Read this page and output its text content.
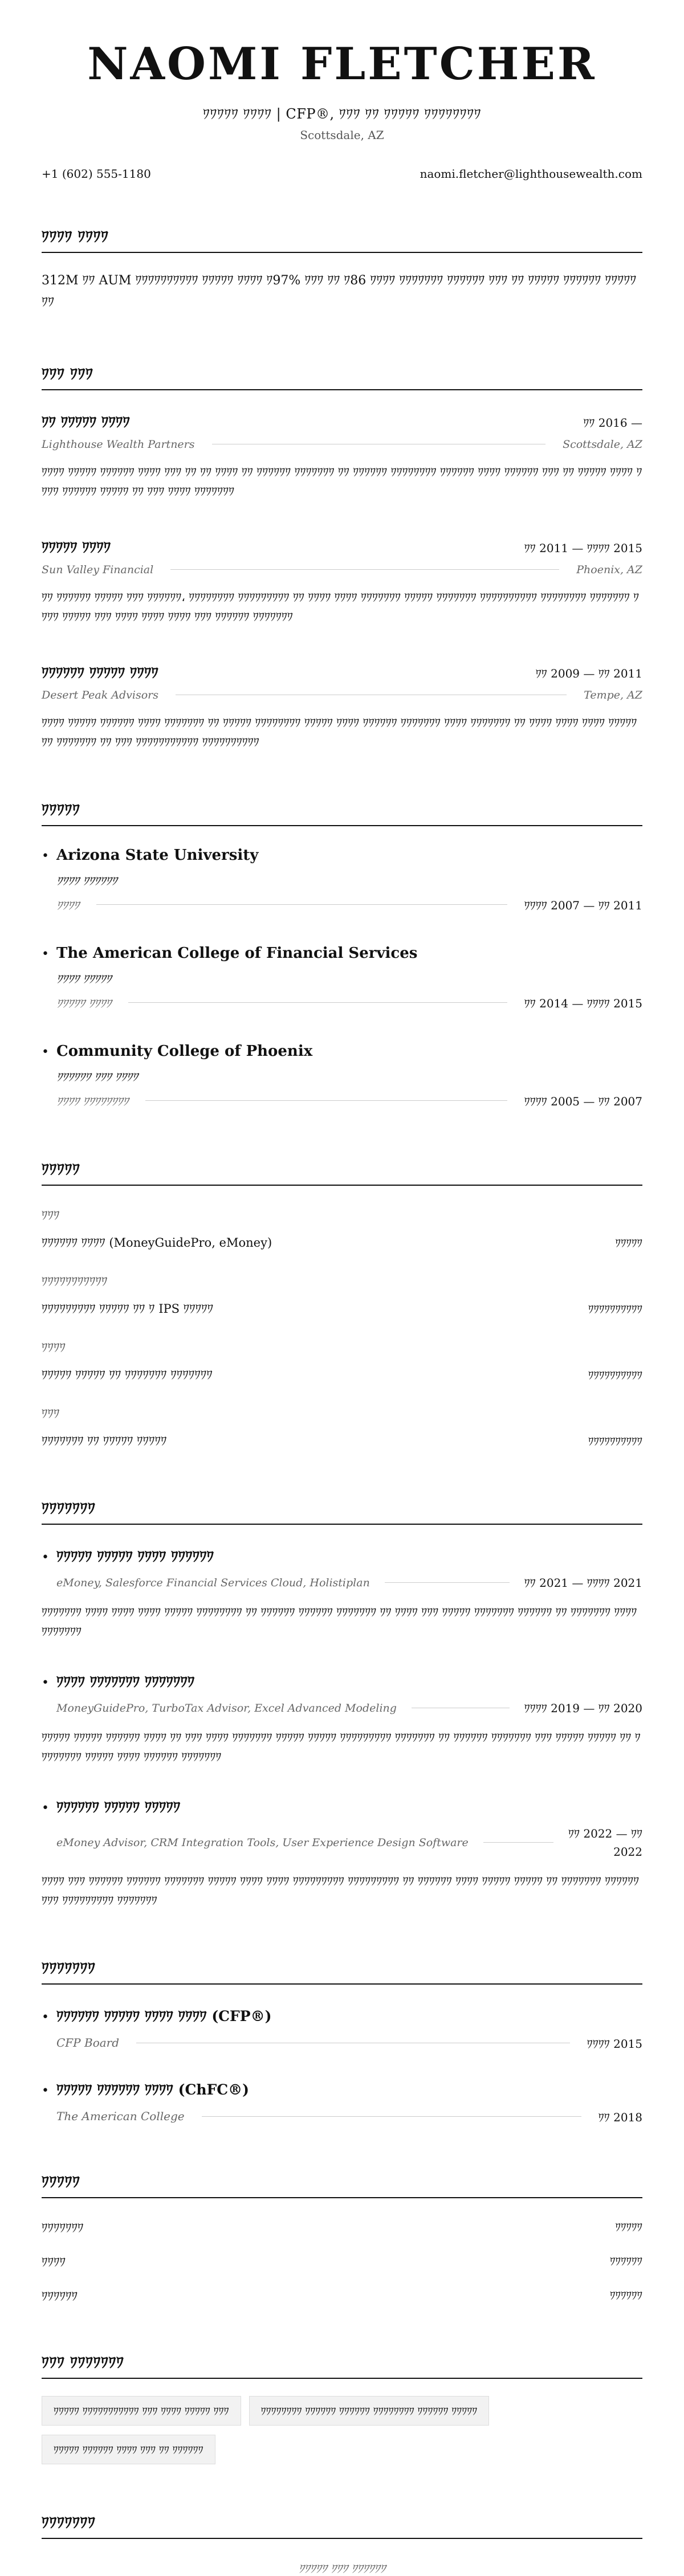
NAOMI FLETCHER
ﾜﾜﾜﾜﾜ ﾜﾜﾜﾜ | CFP®, ﾜﾜﾜ ﾜﾜ ﾜﾜﾜﾜﾜ ﾜﾜﾜﾜﾜﾜﾜﾜ
Scottsdale, AZ
+1 (602) 555-1180	naomi.fletcher@lighthousewealth.com
ﾜﾜﾜﾜ ﾜﾜﾜﾜ
312M ﾜﾜ AUM ﾜﾜﾜﾜﾜﾜﾜﾜﾜﾜ ﾜﾜﾜﾜﾜ ﾜﾜﾜﾜ ﾜ97% ﾜﾜﾜ ﾜﾜ ﾜ86 ﾜﾜﾜﾜ ﾜﾜﾜﾜﾜﾜﾜ ﾜﾜﾜﾜﾜﾜ ﾜﾜﾜ ﾜﾜ ﾜﾜﾜﾜﾜ ﾜﾜﾜﾜﾜﾜ ﾜﾜﾜﾜﾜﾜﾜ
ﾜﾜﾜ ﾜﾜﾜ
ﾜﾜ ﾜﾜﾜﾜﾜ ﾜﾜﾜﾜ	ﾜﾜ 2016 —
Lighthouse Wealth Partners	Scottsdale, AZ
ﾜﾜﾜﾜ ﾜﾜﾜﾜﾜ ﾜﾜﾜﾜﾜﾜ ﾜﾜﾜﾜ ﾜﾜﾜ ﾜﾜ ﾜﾜ ﾜﾜﾜﾜ ﾜﾜ ﾜﾜﾜﾜﾜﾜ ﾜﾜﾜﾜﾜﾜﾜ ﾜﾜ ﾜﾜﾜﾜﾜﾜ ﾜﾜﾜﾜﾜﾜﾜﾜ ﾜﾜﾜﾜﾜﾜ ﾜﾜﾜﾜ ﾜﾜﾜﾜﾜﾜ ﾜﾜﾜ ﾜﾜ ﾜﾜﾜﾜﾜ ﾜﾜﾜﾜ ﾜﾜﾜﾜ ﾜﾜﾜﾜﾜﾜ ﾜﾜﾜﾜﾜ ﾜﾜ ﾜﾜﾜ ﾜﾜﾜﾜ ﾜﾜﾜﾜﾜﾜﾜ
ﾜﾜﾜﾜﾜ ﾜﾜﾜﾜ	ﾜﾜ 2011 — ﾜﾜﾜﾜ 2015
Sun Valley Financial	Phoenix, AZ
ﾜﾜ ﾜﾜﾜﾜﾜﾜ ﾜﾜﾜﾜﾜ ﾜﾜﾜ ﾜﾜﾜﾜﾜﾜ، ﾜﾜﾜﾜﾜﾜﾜﾜ ﾜﾜﾜﾜﾜﾜﾜﾜﾜ ﾜﾜ ﾜﾜﾜﾜ ﾜﾜﾜﾜ ﾜﾜﾜﾜﾜﾜﾜ ﾜﾜﾜﾜﾜ ﾜﾜﾜﾜﾜﾜﾜ ﾜﾜﾜﾜﾜﾜﾜﾜﾜﾜ ﾜﾜﾜﾜﾜﾜﾜﾜ ﾜﾜﾜﾜﾜﾜﾜ ﾜﾜﾜﾜ ﾜﾜﾜﾜﾜ ﾜﾜﾜ ﾜﾜﾜﾜ ﾜﾜﾜﾜ ﾜﾜﾜﾜ ﾜﾜﾜ ﾜﾜﾜﾜﾜﾜ ﾜﾜﾜﾜﾜﾜﾜ
ﾜﾜﾜﾜﾜﾜ ﾜﾜﾜﾜﾜ ﾜﾜﾜﾜ	ﾜﾜ 2009 — ﾜﾜ 2011
Desert Peak Advisors	Tempe, AZ
ﾜﾜﾜﾜ ﾜﾜﾜﾜﾜ ﾜﾜﾜﾜﾜﾜ ﾜﾜﾜﾜ ﾜﾜﾜﾜﾜﾜﾜ ﾜﾜ ﾜﾜﾜﾜﾜ ﾜﾜﾜﾜﾜﾜﾜﾜ ﾜﾜﾜﾜﾜ ﾜﾜﾜﾜ ﾜﾜﾜﾜﾜﾜ ﾜﾜﾜﾜﾜﾜﾜ ﾜﾜﾜﾜ ﾜﾜﾜﾜﾜﾜﾜ ﾜﾜ ﾜﾜﾜﾜ ﾜﾜﾜﾜ ﾜﾜﾜﾜ ﾜﾜﾜﾜﾜﾜﾜ ﾜﾜﾜﾜﾜﾜﾜ ﾜﾜ ﾜﾜﾜ ﾜﾜﾜﾜﾜﾜﾜﾜﾜﾜﾜ ﾜﾜﾜﾜﾜﾜﾜﾜﾜﾜ
ﾜﾜﾜﾜﾜ
• Arizona State University
ﾜﾜﾜﾜ ﾜﾜﾜﾜﾜﾜ
ﾜﾜﾜﾜ	ﾜﾜﾜﾜ 2007 — ﾜﾜ 2011
• The American College of Financial Services
ﾜﾜﾜﾜ ﾜﾜﾜﾜﾜ
ﾜﾜﾜﾜﾜ ﾜﾜﾜﾜ	ﾜﾜ 2014 — ﾜﾜﾜﾜ 2015
• Community College of Phoenix
ﾜﾜﾜﾜﾜﾜ ﾜﾜﾜ ﾜﾜﾜﾜ
ﾜﾜﾜﾜ ﾜﾜﾜﾜﾜﾜﾜﾜ	ﾜﾜﾜﾜ 2005 — ﾜﾜ 2007
ﾜﾜﾜﾜﾜ
ﾜﾜﾜ
ﾜﾜﾜﾜﾜﾜ ﾜﾜﾜﾜ (MoneyGuidePro, eMoney)	ﾜﾜﾜﾜﾜ
ﾜﾜﾜﾜﾜﾜﾜﾜﾜﾜﾜ
ﾜﾜﾜﾜﾜﾜﾜﾜﾜ ﾜﾜﾜﾜﾜ ﾜﾜ ﾜ IPS ﾜﾜﾜﾜﾜ	ﾜﾜﾜﾜﾜﾜﾜﾜﾜﾜ
ﾜﾜﾜﾜ
ﾜﾜﾜﾜﾜ ﾜﾜﾜﾜﾜ ﾜﾜ ﾜﾜﾜﾜﾜﾜﾜ ﾜﾜﾜﾜﾜﾜﾜ	ﾜﾜﾜﾜﾜﾜﾜﾜﾜﾜ
ﾜﾜﾜ
ﾜﾜﾜﾜﾜﾜﾜ ﾜﾜ ﾜﾜﾜﾜﾜ ﾜﾜﾜﾜﾜ	ﾜﾜﾜﾜﾜﾜﾜﾜﾜﾜ
ﾜﾜﾜﾜﾜﾜﾜ
• ﾜﾜﾜﾜﾜ ﾜﾜﾜﾜﾜ ﾜﾜﾜﾜ ﾜﾜﾜﾜﾜﾜ
eMoney, Salesforce Financial Services Cloud, Holistiplan	ﾜﾜ 2021 — ﾜﾜﾜﾜ 2021
ﾜﾜﾜﾜﾜﾜﾜ ﾜﾜﾜﾜ ﾜﾜﾜﾜ ﾜﾜﾜﾜ ﾜﾜﾜﾜﾜ ﾜﾜﾜﾜﾜﾜﾜﾜ ﾜﾜ ﾜﾜﾜﾜﾜﾜ ﾜﾜﾜﾜﾜﾜ ﾜﾜﾜﾜﾜﾜﾜ ﾜﾜ ﾜﾜﾜﾜ ﾜﾜﾜ ﾜﾜﾜﾜﾜ ﾜﾜﾜﾜﾜﾜﾜ ﾜﾜﾜﾜﾜﾜ ﾜﾜ ﾜﾜﾜﾜﾜﾜﾜ ﾜﾜﾜﾜ ﾜﾜﾜﾜﾜﾜﾜ
• ﾜﾜﾜﾜ ﾜﾜﾜﾜﾜﾜﾜ ﾜﾜﾜﾜﾜﾜﾜ
MoneyGuidePro, TurboTax Advisor, Excel Advanced Modeling	ﾜﾜﾜﾜ 2019 — ﾜﾜ 2020
ﾜﾜﾜﾜﾜ ﾜﾜﾜﾜﾜ ﾜﾜﾜﾜﾜﾜ ﾜﾜﾜﾜ ﾜﾜ ﾜﾜﾜ ﾜﾜﾜﾜ ﾜﾜﾜﾜﾜﾜﾜ ﾜﾜﾜﾜﾜ ﾜﾜﾜﾜﾜ ﾜﾜﾜﾜﾜﾜﾜﾜﾜ ﾜﾜﾜﾜﾜﾜﾜ ﾜﾜ ﾜﾜﾜﾜﾜﾜ ﾜﾜﾜﾜﾜﾜﾜ ﾜﾜﾜ ﾜﾜﾜﾜﾜ ﾜﾜﾜﾜﾜ ﾜﾜ ﾜﾜﾜﾜﾜﾜﾜﾜ ﾜﾜﾜﾜﾜ ﾜﾜﾜﾜ ﾜﾜﾜﾜﾜﾜ ﾜﾜﾜﾜﾜﾜﾜ
• ﾜﾜﾜﾜﾜﾜ ﾜﾜﾜﾜﾜ ﾜﾜﾜﾜﾜ
eMoney Advisor, CRM Integration Tools, User Experience Design Software
ﾜﾜ 2022 — ﾜﾜ 2022
ﾜﾜﾜﾜ ﾜﾜﾜ ﾜﾜﾜﾜﾜﾜ ﾜﾜﾜﾜﾜﾜ ﾜﾜﾜﾜﾜﾜﾜ ﾜﾜﾜﾜﾜ ﾜﾜﾜﾜ ﾜﾜﾜﾜ ﾜﾜﾜﾜﾜﾜﾜﾜﾜ ﾜﾜﾜﾜﾜﾜﾜﾜﾜ ﾜﾜ ﾜﾜﾜﾜﾜﾜ ﾜﾜﾜﾜ ﾜﾜﾜﾜﾜ ﾜﾜﾜﾜﾜ ﾜﾜ ﾜﾜﾜﾜﾜﾜﾜ ﾜﾜﾜﾜﾜﾜﾜﾜﾜ ﾜﾜﾜﾜﾜﾜﾜﾜﾜ ﾜﾜﾜﾜﾜﾜﾜ
ﾜﾜﾜﾜﾜﾜﾜ
• ﾜﾜﾜﾜﾜﾜ ﾜﾜﾜﾜﾜ ﾜﾜﾜﾜ ﾜﾜﾜﾜ (CFP®)
CFP Board	ﾜﾜﾜﾜ 2015
• ﾜﾜﾜﾜﾜ ﾜﾜﾜﾜﾜﾜ ﾜﾜﾜﾜ (ChFC®)
The American College	ﾜﾜ 2018
ﾜﾜﾜﾜﾜ
ﾜﾜﾜﾜﾜﾜﾜ	ﾜﾜﾜﾜﾜ
ﾜﾜﾜﾜ	ﾜﾜﾜﾜﾜﾜ
ﾜﾜﾜﾜﾜﾜ	ﾜﾜﾜﾜﾜﾜ
ﾜﾜﾜ ﾜﾜﾜﾜﾜﾜﾜ
ﾜﾜﾜﾜﾜ ﾜﾜﾜﾜﾜﾜﾜﾜﾜﾜﾜ ﾜﾜﾜ ﾜﾜﾜﾜ ﾜﾜﾜﾜﾜ ﾜﾜﾜ	ﾜﾜﾜﾜﾜﾜﾜﾜ ﾜﾜﾜﾜﾜﾜ ﾜﾜﾜﾜﾜﾜ ﾜﾜﾜﾜﾜﾜﾜﾜ ﾜﾜﾜﾜﾜﾜ ﾜﾜﾜﾜﾜ
ﾜﾜﾜﾜﾜ ﾜﾜﾜﾜﾜﾜ ﾜﾜﾜﾜ ﾜﾜﾜ ﾜﾜ ﾜﾜﾜﾜﾜﾜ
ﾜﾜﾜﾜﾜﾜﾜ
ﾜﾜﾜﾜﾜ ﾜﾜﾜ ﾜﾜﾜﾜﾜﾜ
